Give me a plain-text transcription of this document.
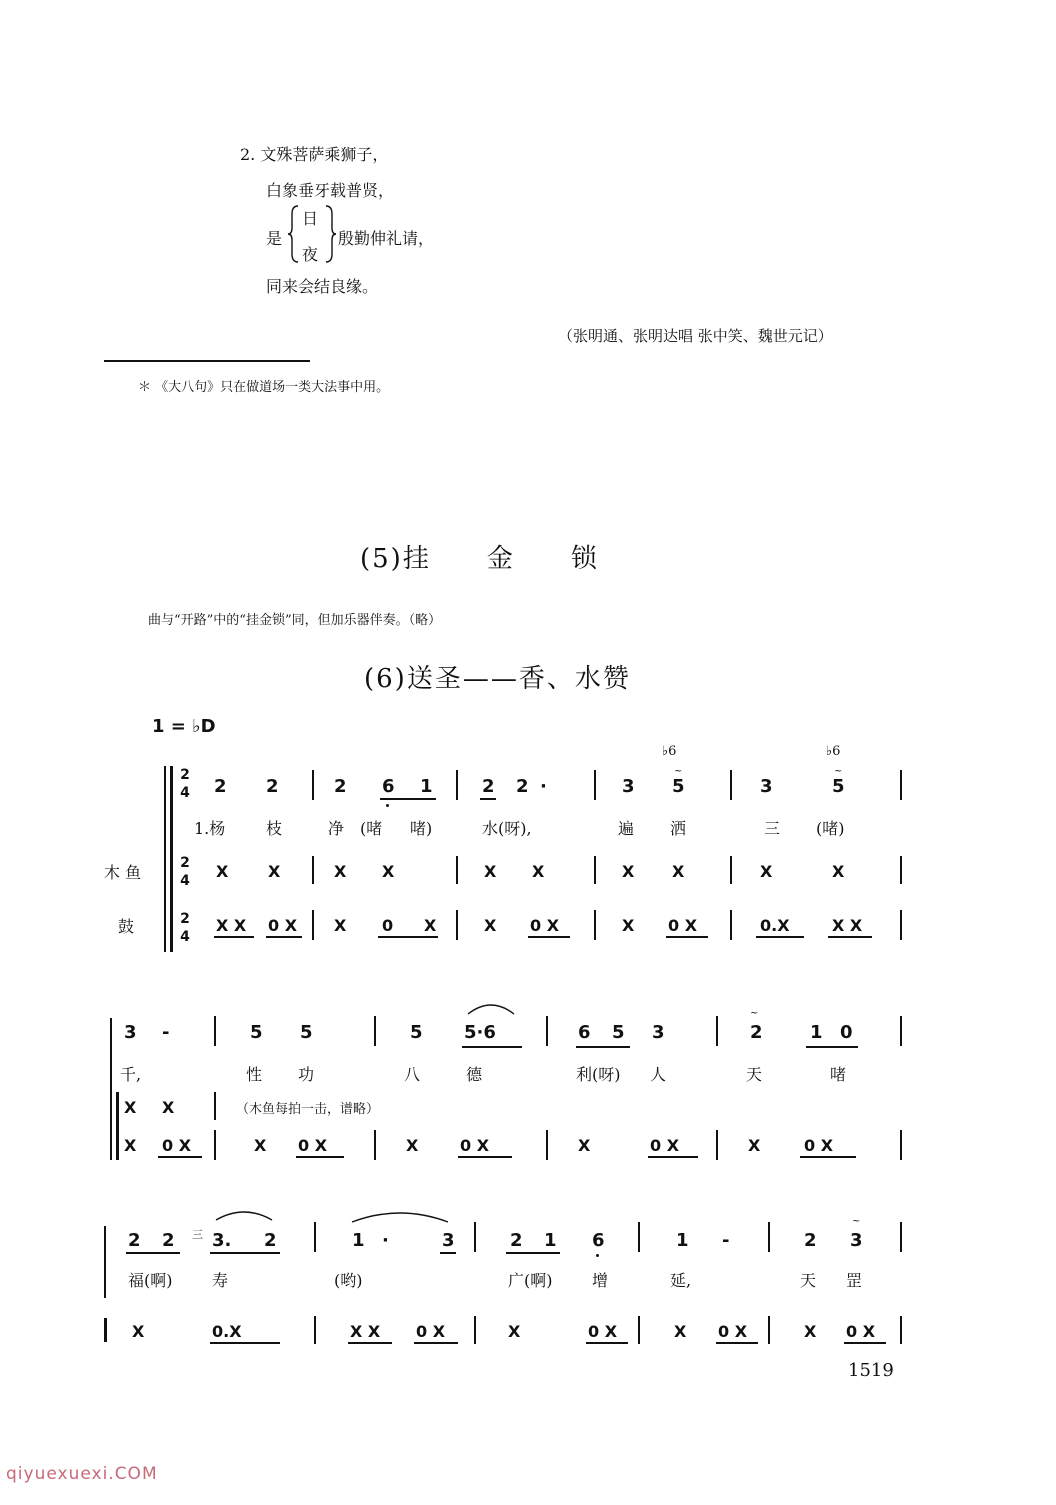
2. 文殊菩萨乘狮子，
白象垂牙载普贤，
是
日
夜
殷勤伸礼请，
同来会结良缘。
（张明通、张明达唱 张中笑、魏世元记）
＊ 《大八句》只在做道场一类大法事中用。
(5)挂　　金　　锁
曲与“开路”中的“挂金锁”同，但加乐器伴奏。（略）
(6)送圣——香、水赞
1 = ♭D
2
4
2
4
2
4
木 鱼
鼓
2 2	2 6 1	2 2 ·	3
♭6
5
~
3
♭6
5
~
1.杨	枝	净 (啫 啫)	水(呀),	遍 洒	三 (啫)
X X	X X	X X	X X	X	X
X X 0 X X 0 X	X 0 X	X 0 X	0.X	X X
3 -	5 5	5 5·6	6 5 3	2
~
1 0
千,	性 功	八	德	利(呀) 人	天	啫
X X	（木鱼每拍一击，谱略）
X 0 X	X 0 X	X	0 X	X	0 X	X	0 X
2 2 三 3. 2	1 ·	3	2 1 6	1 -	2 3
~
福(啊) 寿	(哟)	广(啊) 增	延,	天 罡
X	0.X	X X 0 X	X	0 X	X 0 X	X 0 X
1519
qiyuexuexi.COM
